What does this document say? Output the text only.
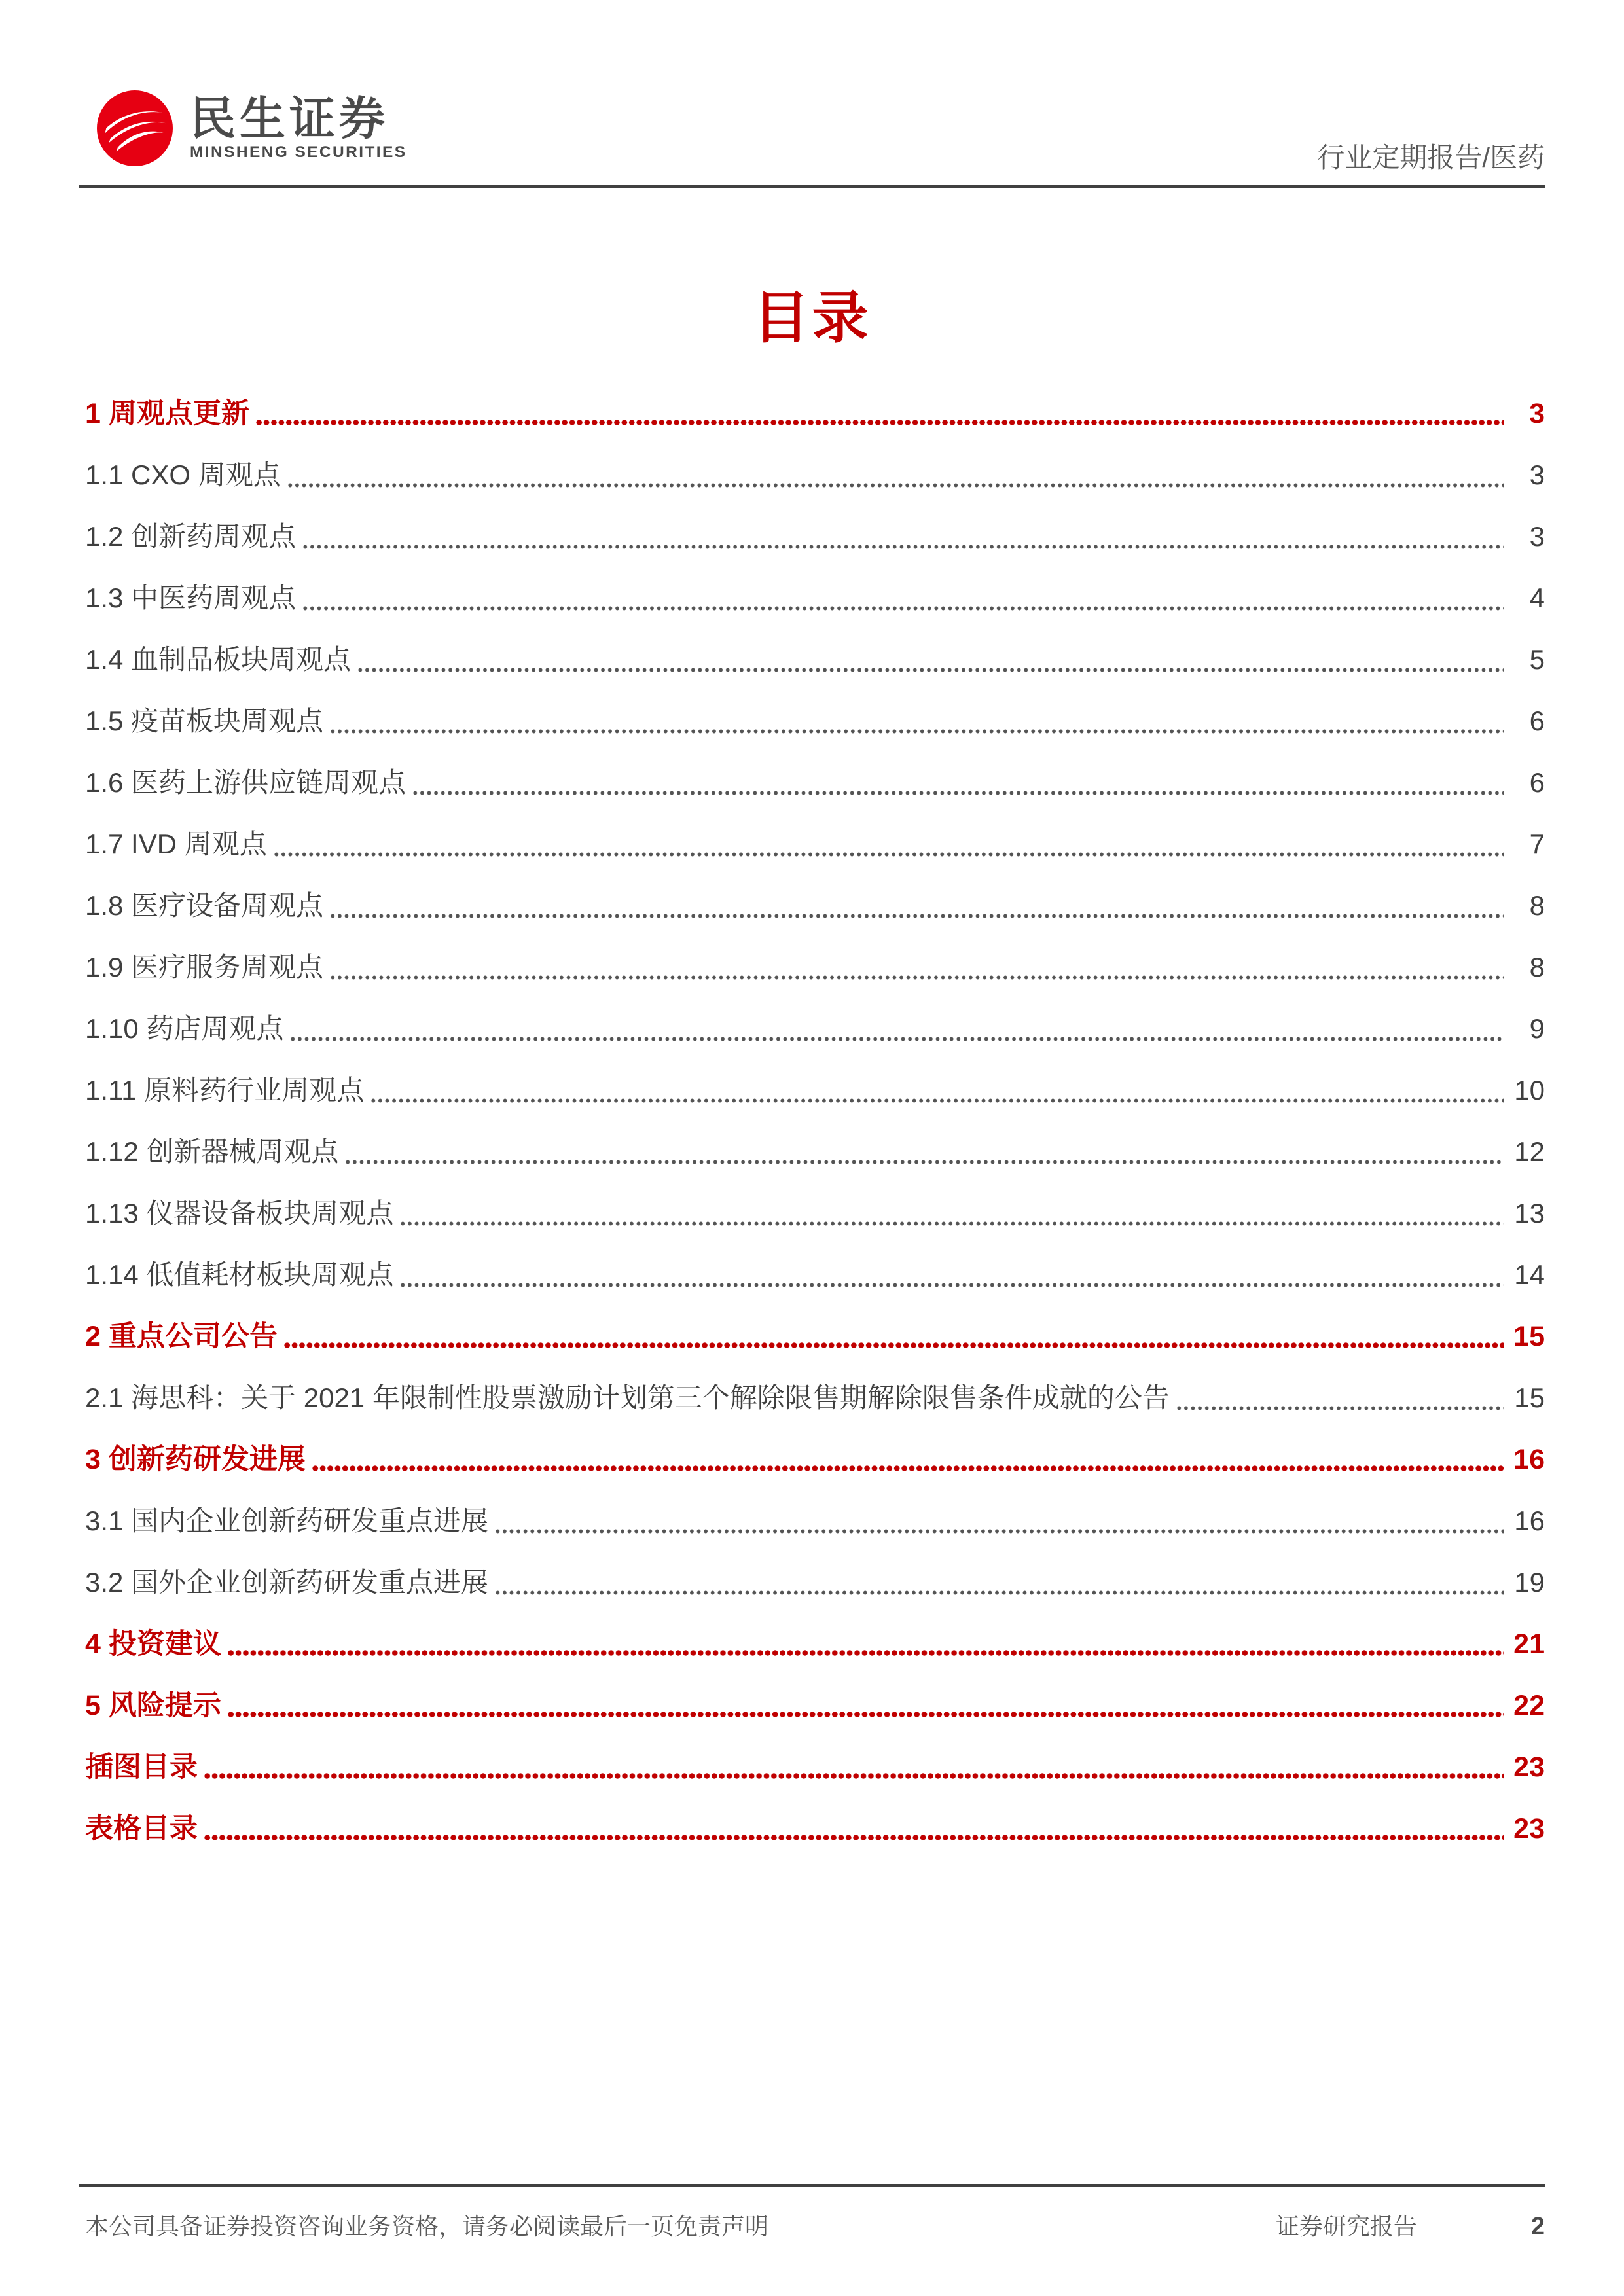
民生证券
MINSHENG SECURITIES	行业定期报告/医药
目录
1 周观点更新	3
1.1 CXO 周观点	3
1.2 创新药周观点	3
1.3 中医药周观点	4
1.4 血制品板块周观点	5
1.5 疫苗板块周观点	6
1.6 医药上游供应链周观点	6
1.7 IVD 周观点	7
1.8 医疗设备周观点	8
1.9 医疗服务周观点	8
1.10 药店周观点	9
1.11 原料药行业周观点	10
1.12 创新器械周观点	12
1.13 仪器设备板块周观点	13
1.14 低值耗材板块周观点	14
2 重点公司公告	15
2.1 海思科：关于 2021 年限制性股票激励计划第三个解除限售期解除限售条件成就的公告	15
3 创新药研发进展	16
3.1 国内企业创新药研发重点进展	16
3.2 国外企业创新药研发重点进展	19
4 投资建议	21
5 风险提示	22
插图目录	23
表格目录	23
本公司具备证券投资咨询业务资格，请务必阅读最后一页免责声明	证券研究报告	2
